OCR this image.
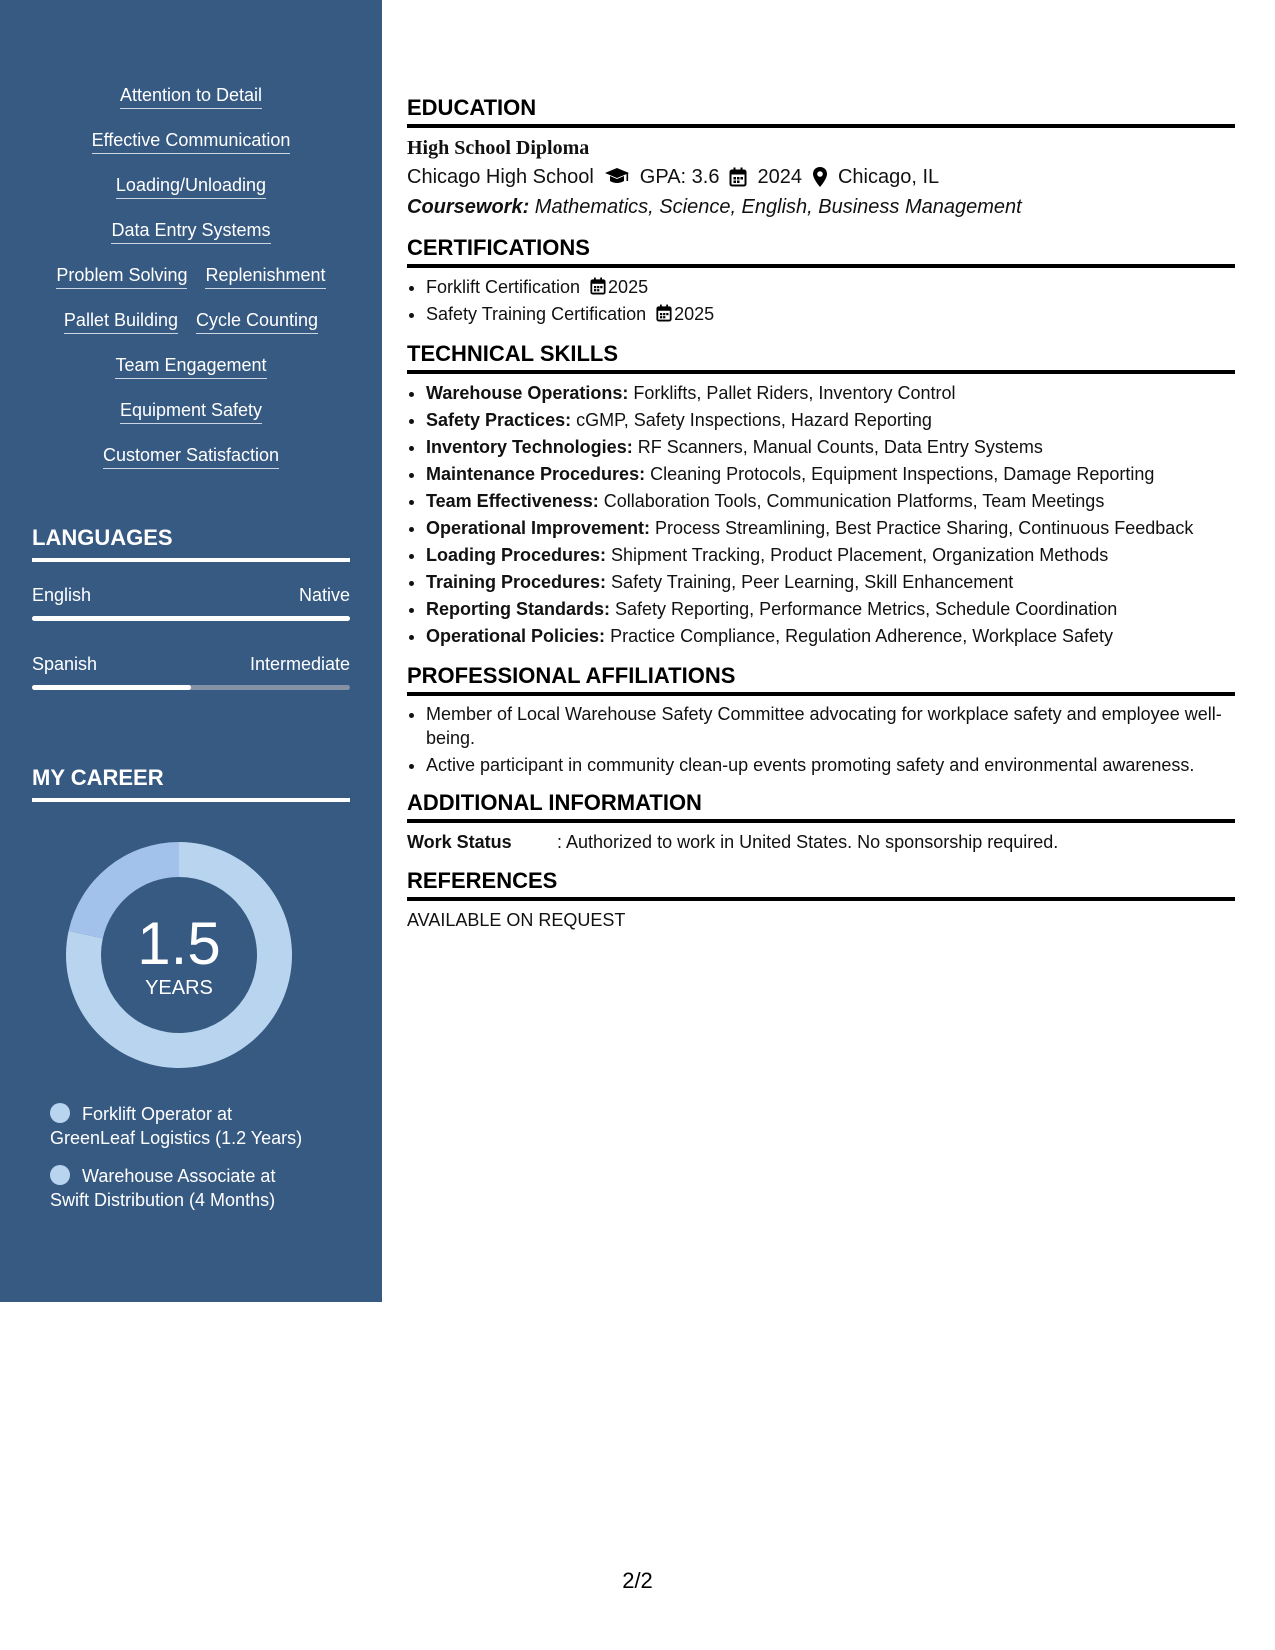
Attention to Detail
Effective Communication
Loading/Unloading
Data Entry Systems
Problem Solving Replenishment
Pallet Building Cycle Counting
Team Engagement
Equipment Safety
Customer Satisfaction
LANGUAGES
English	Native
Spanish	Intermediate
MY CAREER
1.5
YEARS
Forklift Operator at
GreenLeaf Logistics (1.2 Years)
Warehouse Associate at
Swift Distribution (4 Months)
EDUCATION
High School Diploma
Chicago High School GPA: 3.6 2024 Chicago, IL
Coursework: Mathematics, Science, English, Business Management
CERTIFICATIONS
• Forklift Certification 2025
• Safety Training Certification 2025
TECHNICAL SKILLS
• Warehouse Operations: Forklifts, Pallet Riders, Inventory Control
• Safety Practices: cGMP, Safety Inspections, Hazard Reporting
• Inventory Technologies: RF Scanners, Manual Counts, Data Entry Systems
• Maintenance Procedures: Cleaning Protocols, Equipment Inspections, Damage Reporting
• Team Effectiveness: Collaboration Tools, Communication Platforms, Team Meetings
• Operational Improvement: Process Streamlining, Best Practice Sharing, Continuous Feedback
• Loading Procedures: Shipment Tracking, Product Placement, Organization Methods
• Training Procedures: Safety Training, Peer Learning, Skill Enhancement
• Reporting Standards: Safety Reporting, Performance Metrics, Schedule Coordination
• Operational Policies: Practice Compliance, Regulation Adherence, Workplace Safety
PROFESSIONAL AFFILIATIONS
• Member of Local Warehouse Safety Committee advocating for workplace safety and employee well-being.
• Active participant in community clean-up events promoting safety and environmental awareness.
ADDITIONAL INFORMATION
Work Status	: Authorized to work in United States. No sponsorship required.
REFERENCES
AVAILABLE ON REQUEST
2/2
